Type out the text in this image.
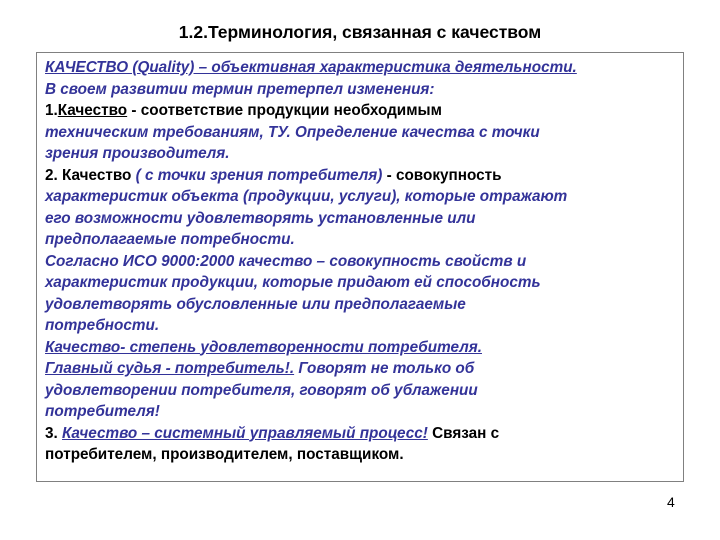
1.2.Терминология, связанная с качеством

КАЧЕСТВО (Quality) – объективная характеристика деятельности.

В своем развитии термин претерпел изменения:

1.Качество - соответствие продукции необходимым

техническим требованиям, ТУ. Определение качества с точки

зрения производителя.

2. Качество ( с точки зрения потребителя) - совокупность

характеристик объекта (продукции, услуги), которые отражают

его возможности удовлетворять установленные или

предполагаемые потребности.

Согласно ИСО 9000:2000 качество – совокупность свойств и

характеристик продукции, которые придают ей способность

удовлетворять обусловленные или предполагаемые

потребности.

Качество- степень удовлетворенности потребителя.

Главный судья - потребитель!. Говорят не только об

удовлетворении потребителя, говорят об ублажении

потребителя!

3. Качество – системный управляемый процесс! Связан с

потребителем, производителем, поставщиком.

4
